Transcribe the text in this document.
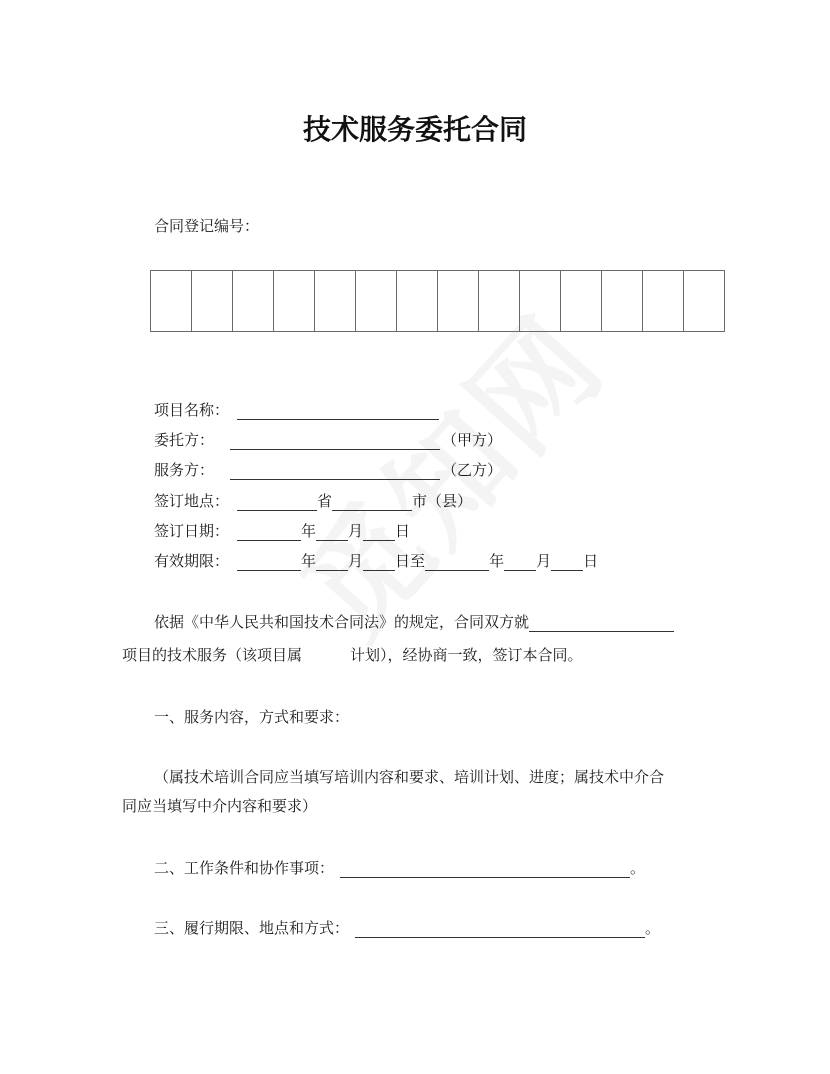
技术服务委托合同
合同登记编号：

项目名称：
委托方：	（甲方）
服务方：	（乙方）
签订地点：	省	市（县）
签订日期：	年 月 日
有效期限：	年 月 日至	年 月 日
依据《中华人民共和国技术合同法》的规定，合同双方就
项目的技术服务（该项目属	计划），经协商一致，签订本合同。
一、服务内容，方式和要求：
（属技术培训合同应当填写培训内容和要求、培训计划、进度；属技术中介合
同应当填写中介内容和要求）
二、工作条件和协作事项：	。
三、履行期限、地点和方式：	。
